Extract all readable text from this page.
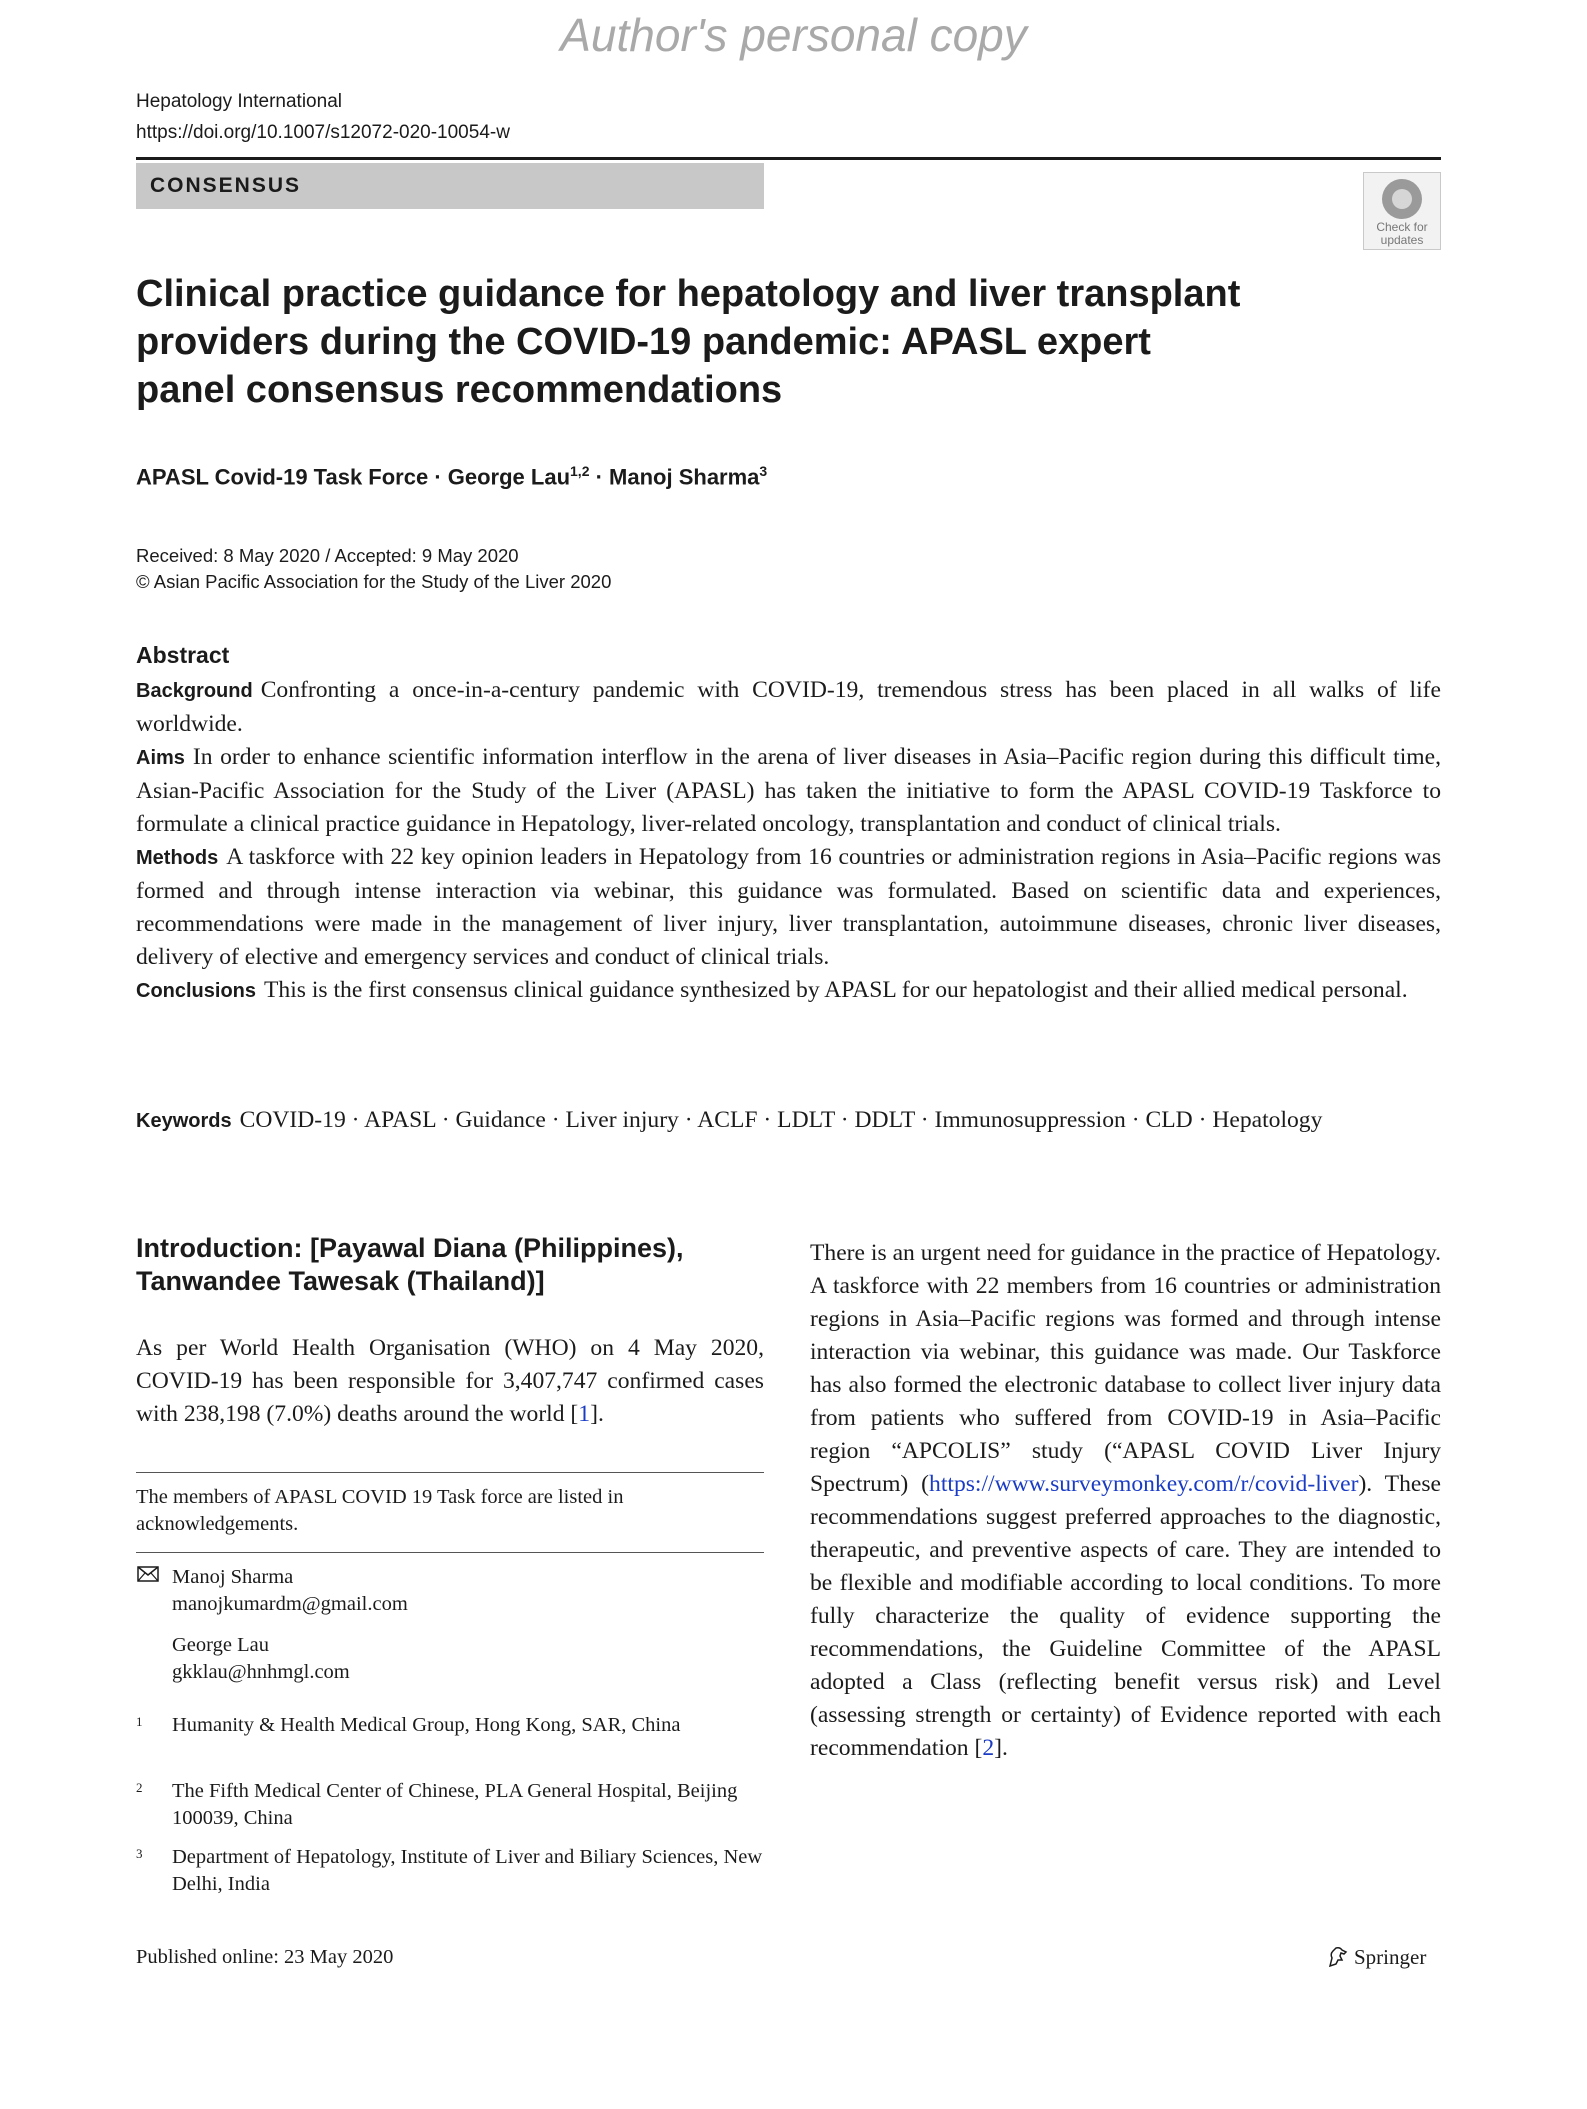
Author's personal copy
Hepatology International
https://doi.org/10.1007/s12072-020-10054-w
CONSENSUS
Check for
updates
Clinical practice guidance for hepatology and liver transplant providers during the COVID-19 pandemic: APASL expert panel consensus recommendations
APASL Covid-19 Task Force · George Lau$^{1,2}$ · Manoj Sharma$^3$
Received: 8 May 2020 / Accepted: 9 May 2020
© Asian Pacific Association for the Study of the Liver 2020
Abstract

Background Confronting a once-in-a-century pandemic with COVID-19, tremendous stress has been placed in all walks of life worldwide.

Aims In order to enhance scientific information interflow in the arena of liver diseases in Asia–Pacific region during this difficult time, Asian-Pacific Association for the Study of the Liver (APASL) has taken the initiative to form the APASL COVID-19 Taskforce to formulate a clinical practice guidance in Hepatology, liver-related oncology, transplantation and conduct of clinical trials.

Methods A taskforce with 22 key opinion leaders in Hepatology from 16 countries or administration regions in Asia–Pacific regions was formed and through intense interaction via webinar, this guidance was formulated. Based on scientific data and experiences, recommendations were made in the management of liver injury, liver transplantation, autoimmune diseases, chronic liver diseases, delivery of elective and emergency services and conduct of clinical trials.

Conclusions This is the first consensus clinical guidance synthesized by APASL for our hepatologist and their allied medical personal.

Keywords COVID-19 · APASL · Guidance · Liver injury · ACLF · LDLT · DDLT · Immunosuppression · CLD · Hepatology
Introduction: [Payawal Diana (Philippines), Tanwandee Tawesak (Thailand)]
As per World Health Organisation (WHO) on 4 May 2020, COVID-19 has been responsible for 3,407,747 confirmed cases with 238,198 (7.0%) deaths around the world [1].
The members of APASL COVID 19 Task force are listed in acknowledgements.
Manoj Sharma
manojkumardm@gmail.com
George Lau
gkklau@hnhmgl.com
1 Humanity & Health Medical Group, Hong Kong, SAR, China
2 The Fifth Medical Center of Chinese, PLA General Hospital, Beijing 100039, China
3 Department of Hepatology, Institute of Liver and Biliary Sciences, New Delhi, India
There is an urgent need for guidance in the practice of Hepatology. A taskforce with 22 members from 16 countries or administration regions in Asia–Pacific regions was formed and through intense interaction via webinar, this guidance was made. Our Taskforce has also formed the electronic database to collect liver injury data from patients who suffered from COVID-19 in Asia–Pacific region “APCOLIS” study (“APASL COVID Liver Injury Spectrum) (https://www.surveymonkey.com/r/covid-liver). These recommendations suggest preferred approaches to the diagnostic, therapeutic, and preventive aspects of care. They are intended to be flexible and modifiable according to local conditions. To more fully characterize the quality of evidence supporting the recommendations, the Guideline Committee of the APASL adopted a Class (reflecting benefit versus risk) and Level (assessing strength or certainty) of Evidence reported with each recommendation [2].
Published online: 23 May 2020	Springer
